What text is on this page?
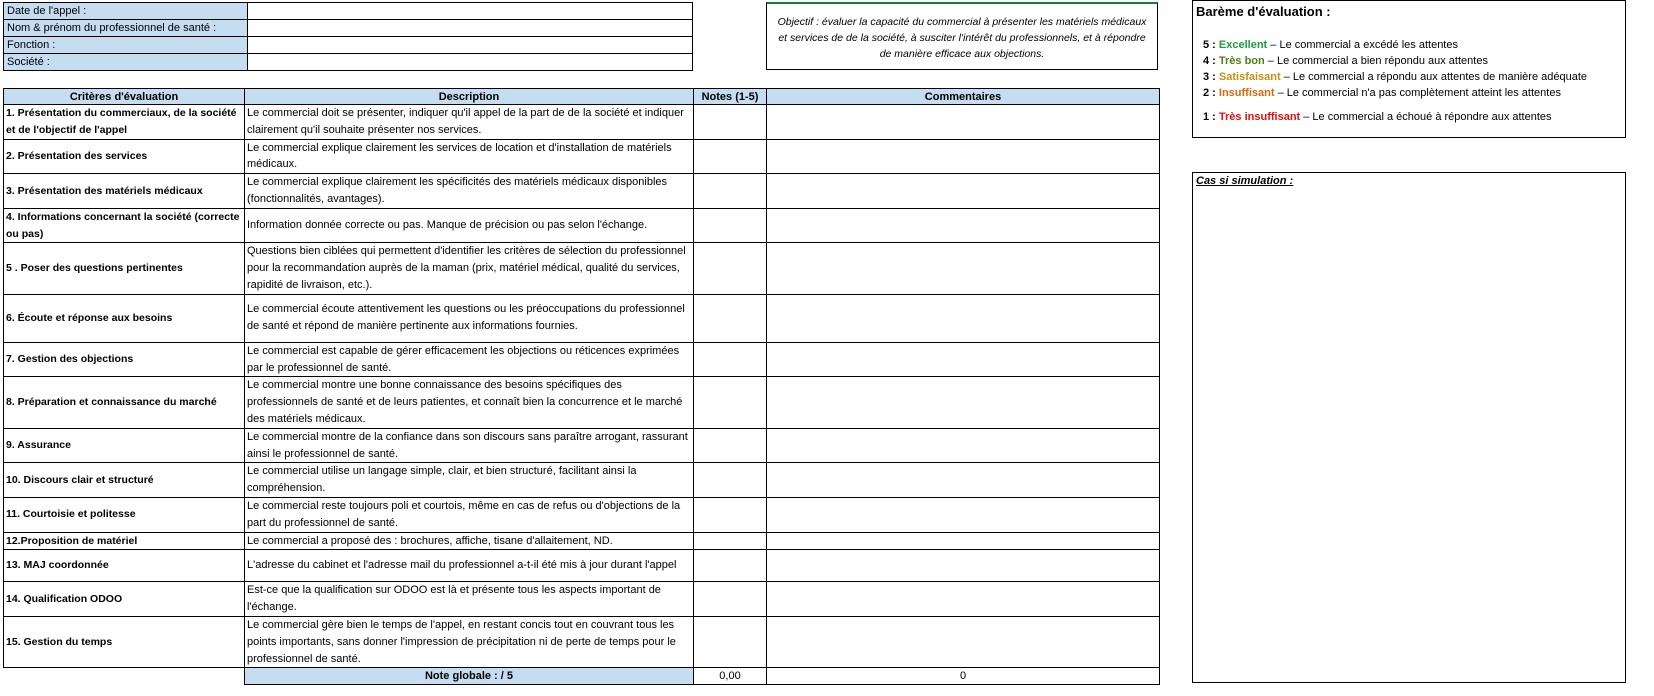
Date de l'appel :	
Nom & prénom du professionnel de santé :	
Fonction :	
Société :	
Objectif : évaluer la capacité du commercial à présenter les matériels médicaux et services de de la société, à susciter l'intérêt du professionnels, et à répondre de manière efficace aux objections.
Critères d'évaluation	Description	Notes (1-5)	Commentaires
1. Présentation du commerciaux, de la société et de l'objectif de l'appel	Le commercial doit se présenter, indiquer qu'il appel de la part de de la société et indiquer clairement qu'il souhaite présenter nos services.		
2. Présentation des services	Le commercial explique clairement les services de location et d'installation de matériels médicaux.		
3. Présentation des matériels médicaux	Le commercial explique clairement les spécificités des matériels médicaux disponibles (fonctionnalités, avantages).		
4. Informations concernant la société (correcte ou pas)	Information donnée correcte ou pas. Manque de précision ou pas selon l'échange.		
5 . Poser des questions pertinentes	Questions bien ciblées qui permettent d'identifier les critères de sélection du professionnel pour la recommandation auprès de la maman (prix, matériel médical, qualité du services, rapidité de livraison, etc.).		
6. Écoute et réponse aux besoins	Le commercial écoute attentivement les questions ou les préoccupations du professionnel de santé et répond de manière pertinente aux informations fournies.		
7. Gestion des objections	Le commercial est capable de gérer efficacement les objections ou réticences exprimées par le professionnel de santé.		
8. Préparation et connaissance du marché	Le commercial montre une bonne connaissance des besoins spécifiques des professionnels de santé et de leurs patientes, et connaît bien la concurrence et le marché des matériels médicaux.		
9. Assurance	Le commercial montre de la confiance dans son discours sans paraître arrogant, rassurant ainsi le professionnel de santé.		
10. Discours clair et structuré	Le commercial utilise un langage simple, clair, et bien structuré, facilitant ainsi la compréhension.		
11. Courtoisie et politesse	Le commercial reste toujours poli et courtois, même en cas de refus ou d'objections de la part du professionnel de santé.		
12.Proposition de matériel	Le commercial a proposé des : brochures, affiche, tisane d'allaitement, ND.		
13. MAJ coordonnée	L'adresse du cabinet et l'adresse mail du professionnel a-t-il été mis à jour durant l'appel		
14. Qualification ODOO	Est-ce que la qualification sur ODOO est là et présente tous les aspects important de l'échange.		
15. Gestion du temps	Le commercial gère bien le temps de l'appel, en restant concis tout en couvrant tous les points importants, sans donner l'impression de précipitation ni de perte de temps pour le professionnel de santé.		
	Note globale : / 5	0,00	0
Barème d'évaluation :
5 : Excellent – Le commercial a excédé les attentes
4 : Très bon – Le commercial a bien répondu aux attentes
3 : Satisfaisant – Le commercial a répondu aux attentes de manière adéquate
2 : Insuffisant – Le commercial n'a pas complètement atteint les attentes
1 : Très insuffisant – Le commercial a échoué à répondre aux attentes
Cas si simulation :
